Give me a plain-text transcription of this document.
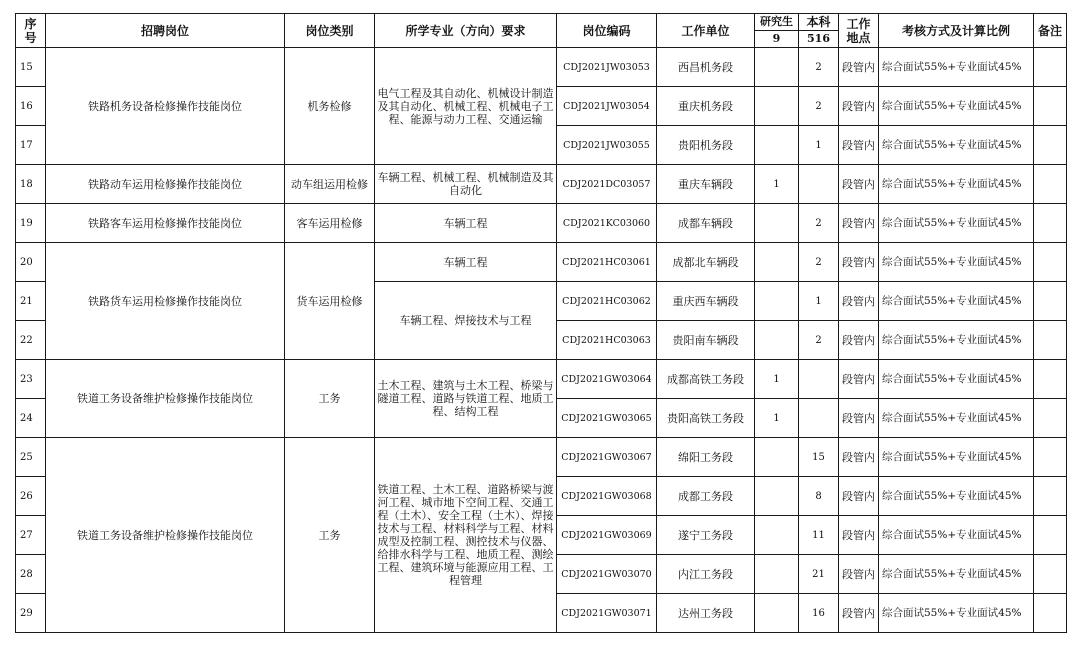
序号	招聘岗位	岗位类别	所学专业（方向）要求	岗位编码	工作单位	研究生	本科	工作地点	考核方式及计算比例	备注
						9	516			
15	铁路机务设备检修操作技能岗位	机务检修	电气工程及其自动化、机械设计制造及其自动化、机械工程、机械电子工程、能源与动力工程、交通运输	CDJ2021JW03053	西昌机务段		2	段管内	综合面试55%+专业面试45%	
16				CDJ2021JW03054	重庆机务段		2	段管内	综合面试55%+专业面试45%	
17				CDJ2021JW03055	贵阳机务段		1	段管内	综合面试55%+专业面试45%	
18	铁路动车运用检修操作技能岗位	动车组运用检修	车辆工程、机械工程、机械制造及其自动化	CDJ2021DC03057	重庆车辆段	1		段管内	综合面试55%+专业面试45%	
19	铁路客车运用检修操作技能岗位	客车运用检修	车辆工程	CDJ2021KC03060	成都车辆段		2	段管内	综合面试55%+专业面试45%	
20	铁路货车运用检修操作技能岗位	货车运用检修	车辆工程	CDJ2021HC03061	成都北车辆段		2	段管内	综合面试55%+专业面试45%	
21			车辆工程、焊接技术与工程	CDJ2021HC03062	重庆西车辆段		1	段管内	综合面试55%+专业面试45%	
22				CDJ2021HC03063	贵阳南车辆段		2	段管内	综合面试55%+专业面试45%	
23	铁道工务设备维护检修操作技能岗位	工务	土木工程、建筑与土木工程、桥梁与隧道工程、道路与铁道工程、地质工程、结构工程	CDJ2021GW03064	成都高铁工务段	1		段管内	综合面试55%+专业面试45%	
24				CDJ2021GW03065	贵阳高铁工务段	1		段管内	综合面试55%+专业面试45%	
25	铁道工务设备维护检修操作技能岗位	工务	铁道工程、土木工程、道路桥梁与渡河工程、城市地下空间工程、交通工程（土木）、安全工程（土木）、焊接技术与工程、材料科学与工程、材料成型及控制工程、测控技术与仪器、给排水科学与工程、地质工程、测绘工程、建筑环境与能源应用工程、工程管理	CDJ2021GW03067	绵阳工务段		15	段管内	综合面试55%+专业面试45%	
26				CDJ2021GW03068	成都工务段		8	段管内	综合面试55%+专业面试45%	
27				CDJ2021GW03069	遂宁工务段		11	段管内	综合面试55%+专业面试45%	
28				CDJ2021GW03070	内江工务段		21	段管内	综合面试55%+专业面试45%	
29				CDJ2021GW03071	达州工务段		16	段管内	综合面试55%+专业面试45%	
